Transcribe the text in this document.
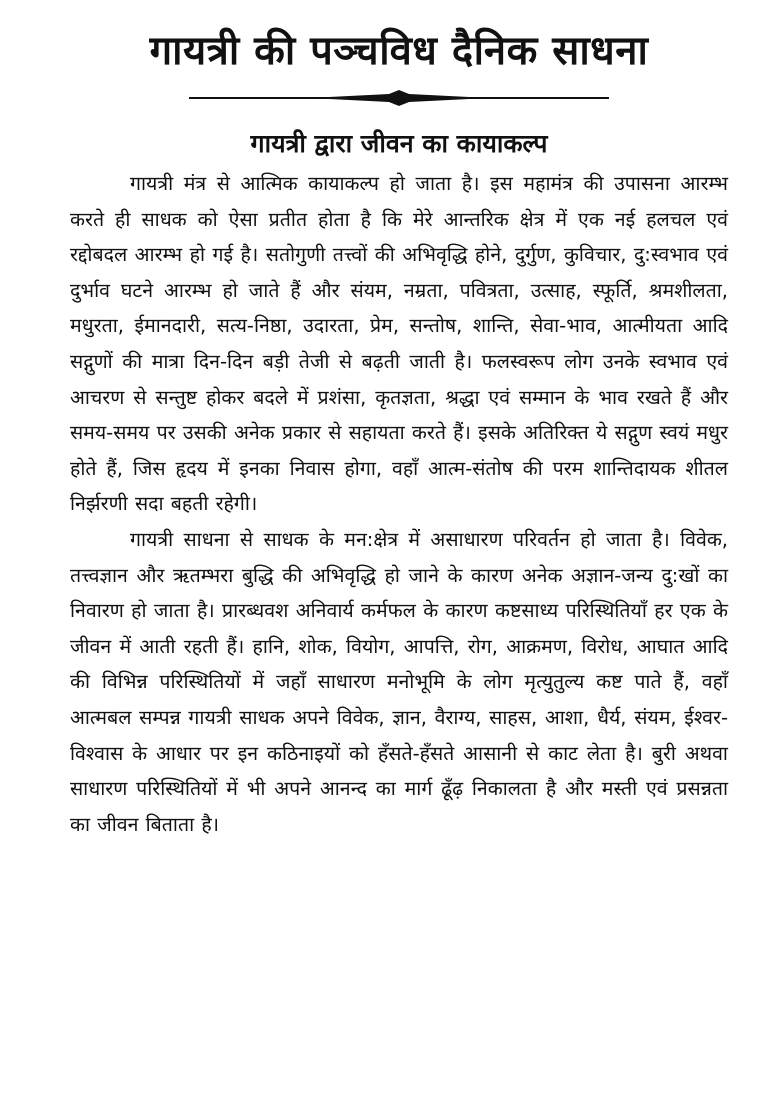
गायत्री की पञ्चविध दैनिक साधना
गायत्री द्वारा जीवन का कायाकल्प

गायत्री मंत्र से आत्मिक कायाकल्प हो जाता है। इस महामंत्र की उपासना आरम्भ करते ही साधक को ऐसा प्रतीत होता है कि मेरे आन्तरिक क्षेत्र में एक नई हलचल एवं रद्दोबदल आरम्भ हो गई है। सतोगुणी तत्त्वों की अभिवृद्धि होने, दुर्गुण, कुविचार, दु:स्वभाव एवं दुर्भाव घटने आरम्भ हो जाते हैं और संयम, नम्रता, पवित्रता, उत्साह, स्फूर्ति, श्रमशीलता, मधुरता, ईमानदारी, सत्य-निष्ठा, उदारता, प्रेम, सन्तोष, शान्ति, सेवा-भाव, आत्मीयता आदि सद्गुणों की मात्रा दिन-दिन बड़ी तेजी से बढ़ती जाती है। फलस्वरूप लोग उनके स्वभाव एवं आचरण से सन्तुष्ट होकर बदले में प्रशंसा, कृतज्ञता, श्रद्धा एवं सम्मान के भाव रखते हैं और समय-समय पर उसकी अनेक प्रकार से सहायता करते हैं। इसके अतिरिक्त ये सद्गुण स्वयं मधुर होते हैं, जिस हृदय में इनका निवास होगा, वहाँ आत्म-संतोष की परम शान्तिदायक शीतल निर्झरणी सदा बहती रहेगी।

गायत्री साधना से साधक के मन:क्षेत्र में असाधारण परिवर्तन हो जाता है। विवेक, तत्त्वज्ञान और ऋतम्भरा बुद्धि की अभिवृद्धि हो जाने के कारण अनेक अज्ञान-जन्य दु:खों का निवारण हो जाता है। प्रारब्धवश अनिवार्य कर्मफल के कारण कष्टसाध्य परिस्थितियाँ हर एक के जीवन में आती रहती हैं। हानि, शोक, वियोग, आपत्ति, रोग, आक्रमण, विरोध, आघात आदि की विभिन्न परिस्थितियों में जहाँ साधारण मनोभूमि के लोग मृत्युतुल्य कष्ट पाते हैं, वहाँ आत्मबल सम्पन्न गायत्री साधक अपने विवेक, ज्ञान, वैराग्य, साहस, आशा, धैर्य, संयम, ईश्वर-विश्वास के आधार पर इन कठिनाइयों को हँसते-हँसते आसानी से काट लेता है। बुरी अथवा साधारण परिस्थितियों में भी अपने आनन्द का मार्ग ढूँढ़ निकालता है और मस्ती एवं प्रसन्नता का जीवन बिताता है।
